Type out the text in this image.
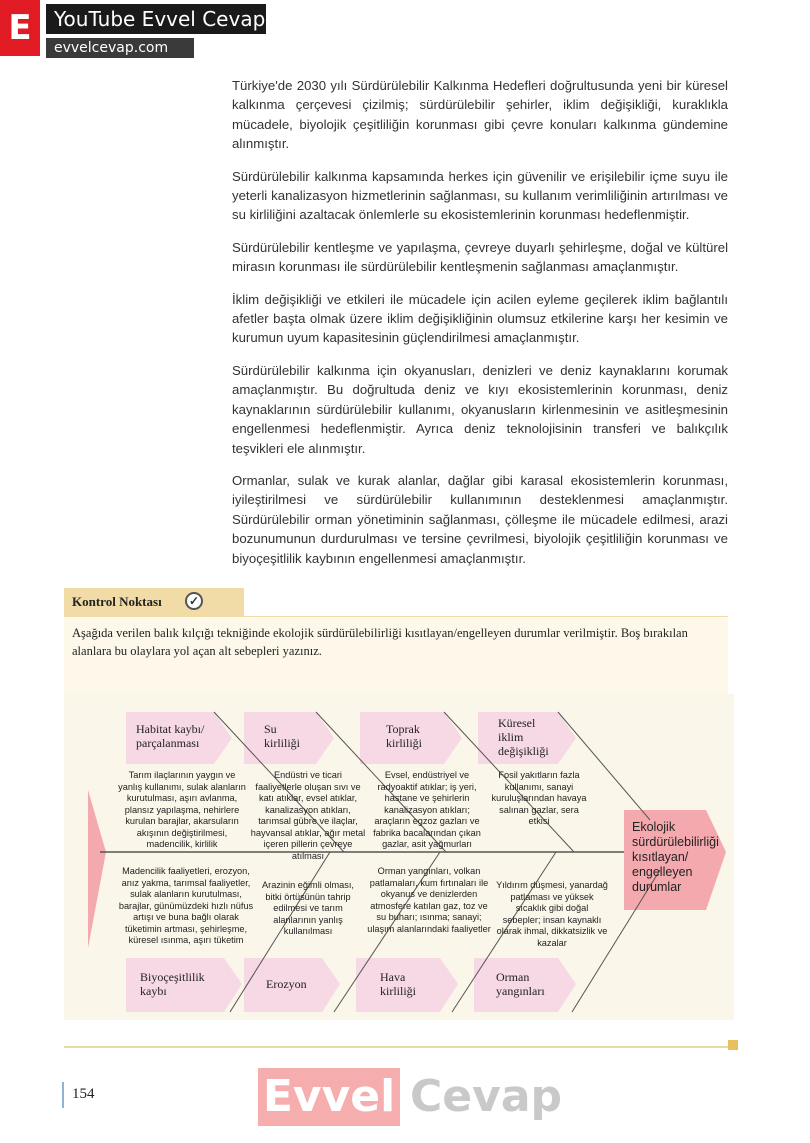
E	YouTube Evvel Cevap
evvelcevap.com

Türkiye'de 2030 yılı Sürdürülebilir Kalkınma Hedefleri doğrultusunda yeni bir küresel kalkınma çerçevesi çizilmiş; sürdürülebilir şehirler, iklim değişikliği, kuraklıkla mücadele, biyolojik çeşitliliğin korunması gibi çevre konuları kalkınma gündemine alınmıştır.

Sürdürülebilir kalkınma kapsamında herkes için güvenilir ve erişilebilir içme suyu ile yeterli kanalizasyon hizmetlerinin sağlanması, su kullanım verimliliğinin artırılması ve su kirliliğini azaltacak önlemlerle su ekosistemlerinin korunması hedeflenmiştir.

Sürdürülebilir kentleşme ve yapılaşma, çevreye duyarlı şehirleşme, doğal ve kültürel mirasın korunması ile sürdürülebilir kentleşmenin sağlanması amaçlanmıştır.

İklim değişikliği ve etkileri ile mücadele için acilen eyleme geçilerek iklim bağlantılı afetler başta olmak üzere iklim değişikliğinin olumsuz etkilerine karşı her kesimin ve kurumun uyum kapasitesinin güçlendirilmesi amaçlanmıştır.

Sürdürülebilir kalkınma için okyanusları, denizleri ve deniz kaynaklarını korumak amaçlanmıştır. Bu doğrultuda deniz ve kıyı ekosistemlerinin korunması, deniz kaynaklarının sürdürülebilir kullanımı, okyanusların kirlenmesinin ve asitleşmesinin engellenmesi hedeflenmiştir. Ayrıca deniz teknolojisinin transferi ve balıkçılık teşvikleri ele alınmıştır.

Ormanlar, sulak ve kurak alanlar, dağlar gibi karasal ekosistemlerin korunması, iyileştirilmesi ve sürdürülebilir kullanımının desteklenmesi amaçlanmıştır. Sürdürülebilir orman yönetiminin sağlanması, çölleşme ile mücadele edilmesi, arazi bozunumunun durdurulması ve tersine çevrilmesi, biyolojik çeşitliliğin korunması ve biyoçeşitlilik kaybının engellenmesi amaçlanmıştır.

Kontrol Noktası	✓
Aşağıda verilen balık kılçığı tekniğinde ekolojik sürdürülebilirliği kısıtlayan/engelleyen durumlar verilmiştir. Boş bırakılan alanlara bu olaylara yol açan alt sebepleri yazınız.
Habitat kaybı/ parçalanması
Su kirliliği
Toprak kirliliği
Küresel iklim değişikliği
Tarım ilaçlarının yaygın ve yanlış kullanımı, sulak alanların kurutulması, aşırı avlanma, plansız yapılaşma, nehirlere kurulan barajlar, akarsuların akışının değiştirilmesi, madencilik, kirlilik
Endüstri ve ticari faaliyetlerle oluşan sıvı ve katı atıklar, evsel atıklar, kanalizasyon atıkları, tarımsal gübre ve ilaçlar, hayvansal atıklar, ağır metal içeren pillerin çevreye atılması
Evsel, endüstriyel ve radyoaktif atıklar; iş yeri, hastane ve şehirlerin kanalizasyon atıkları; araçların egzoz gazları ve fabrika bacalarından çıkan gazlar, asit yağmurları
Fosil yakıtların fazla kullanımı, sanayi kuruluşlarından havaya salınan gazlar, sera etkisi
Madencilik faaliyetleri, erozyon, anız yakma, tarımsal faaliyetler, sulak alanların kurutulması, barajlar, günümüzdeki hızlı nüfus artışı ve buna bağlı olarak tüketimin artması, şehirleşme, küresel ısınma, aşırı tüketim
Arazinin eğimli olması, bitki örtüsünün tahrip edilmesi ve tarım alanlarının yanlış kullanılması
Orman yangınları, volkan patlamaları, kum fırtınaları ile okyanus ve denizlerden atmosfere katılan gaz, toz ve su buharı; ısınma; sanayi; ulaşım alanlarındaki faaliyetler
Yıldırım düşmesi, yanardağ patlaması ve yüksek sıcaklık gibi doğal sebepler; insan kaynaklı olarak ihmal, dikkatsizlik ve kazalar
Biyoçeşitlilik kaybı	Erozyon	Hava kirliliği
Orman yangınları
Ekolojik sürdürülebilirliği kısıtlayan/ engelleyen durumlar
154	Evvel Cevap
